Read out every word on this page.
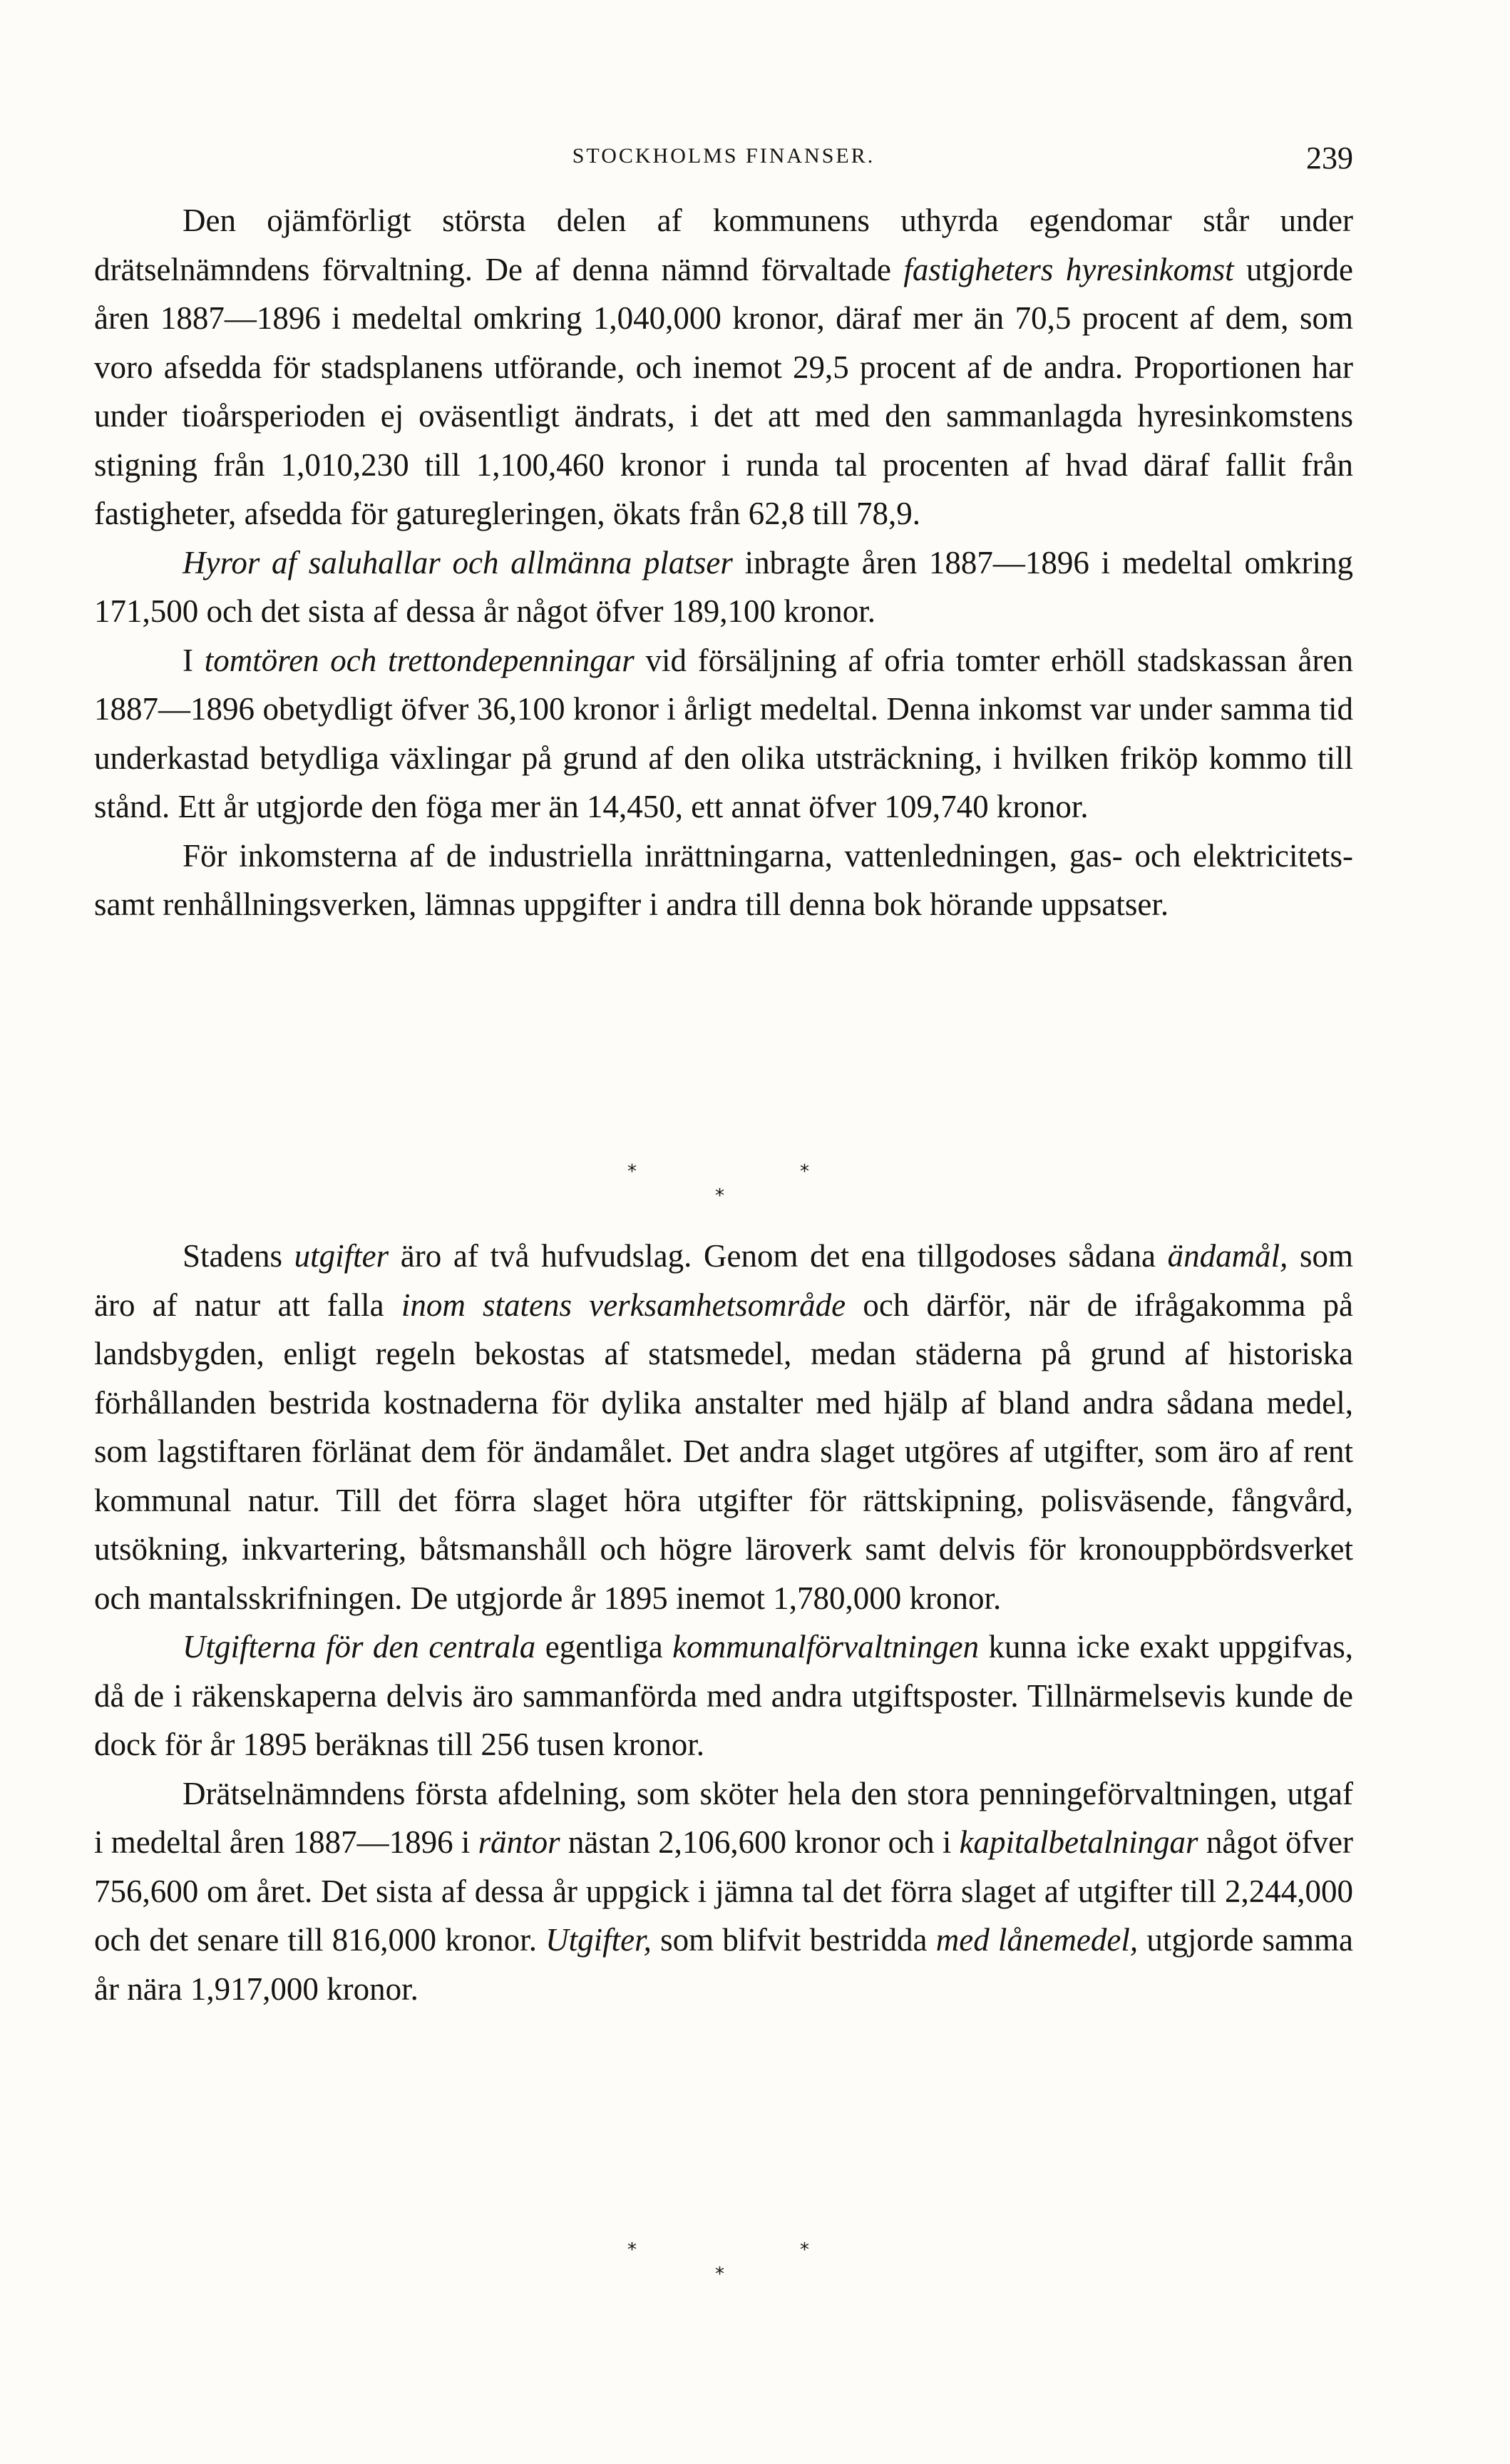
STOCKHOLMS FINANSER.	239

Den ojämförligt största delen af kommunens uthyrda egendomar står under drätselnämndens förvaltning. De af denna nämnd förvaltade fastigheters hyresinkomst utgjorde åren 1887—1896 i medeltal omkring 1,040,000 kronor, däraf mer än 70,5 procent af dem, som voro afsedda för stadsplanens utförande, och inemot 29,5 procent af de andra. Proportionen har under tioårsperioden ej oväsentligt ändrats, i det att med den sammanlagda hyresinkomstens stigning från 1,010,230 till 1,100,460 kronor i runda tal procenten af hvad däraf fallit från fastigheter, afsedda för gaturegleringen, ökats från 62,8 till 78,9.

Hyror af saluhallar och allmänna platser inbragte åren 1887—1896 i medeltal omkring 171,500 och det sista af dessa år något öfver 189,100 kronor.

I tomtören och trettondepenningar vid försäljning af ofria tomter erhöll stadskassan åren 1887—1896 obetydligt öfver 36,100 kronor i årligt medeltal. Denna inkomst var under samma tid underkastad betydliga växlingar på grund af den olika utsträckning, i hvilken friköp kommo till stånd. Ett år utgjorde den föga mer än 14,450, ett annat öfver 109,740 kronor.

För inkomsterna af de industriella inrättningarna, vattenledningen, gas- och elektricitets- samt renhållningsverken, lämnas uppgifter i andra till denna bok hörande uppsatser.

*	*
*

Stadens utgifter äro af två hufvudslag. Genom det ena tillgodoses sådana ändamål, som äro af natur att falla inom statens verksamhetsområde och därför, när de ifrågakomma på landsbygden, enligt regeln bekostas af statsmedel, medan städerna på grund af historiska förhållanden bestrida kostnaderna för dylika anstalter med hjälp af bland andra sådana medel, som lagstiftaren förlänat dem för ändamålet. Det andra slaget utgöres af utgifter, som äro af rent kommunal natur. Till det förra slaget höra utgifter för rättskipning, polisväsende, fångvård, utsökning, inkvartering, båtsmanshåll och högre läroverk samt delvis för kronouppbördsverket och mantalsskrifningen. De utgjorde år 1895 inemot 1,780,000 kronor.

Utgifterna för den centrala egentliga kommunalförvaltningen kunna icke exakt uppgifvas, då de i räkenskaperna delvis äro sammanförda med andra utgiftsposter. Tillnärmelsevis kunde de dock för år 1895 beräknas till 256 tusen kronor.

Drätselnämndens första afdelning, som sköter hela den stora penningeförvaltningen, utgaf i medeltal åren 1887—1896 i räntor nästan 2,106,600 kronor och i kapitalbetalningar något öfver 756,600 om året. Det sista af dessa år uppgick i jämna tal det förra slaget af utgifter till 2,244,000 och det senare till 816,000 kronor. Utgifter, som blifvit bestridda med lånemedel, utgjorde samma år nära 1,917,000 kronor.

*	*
*
